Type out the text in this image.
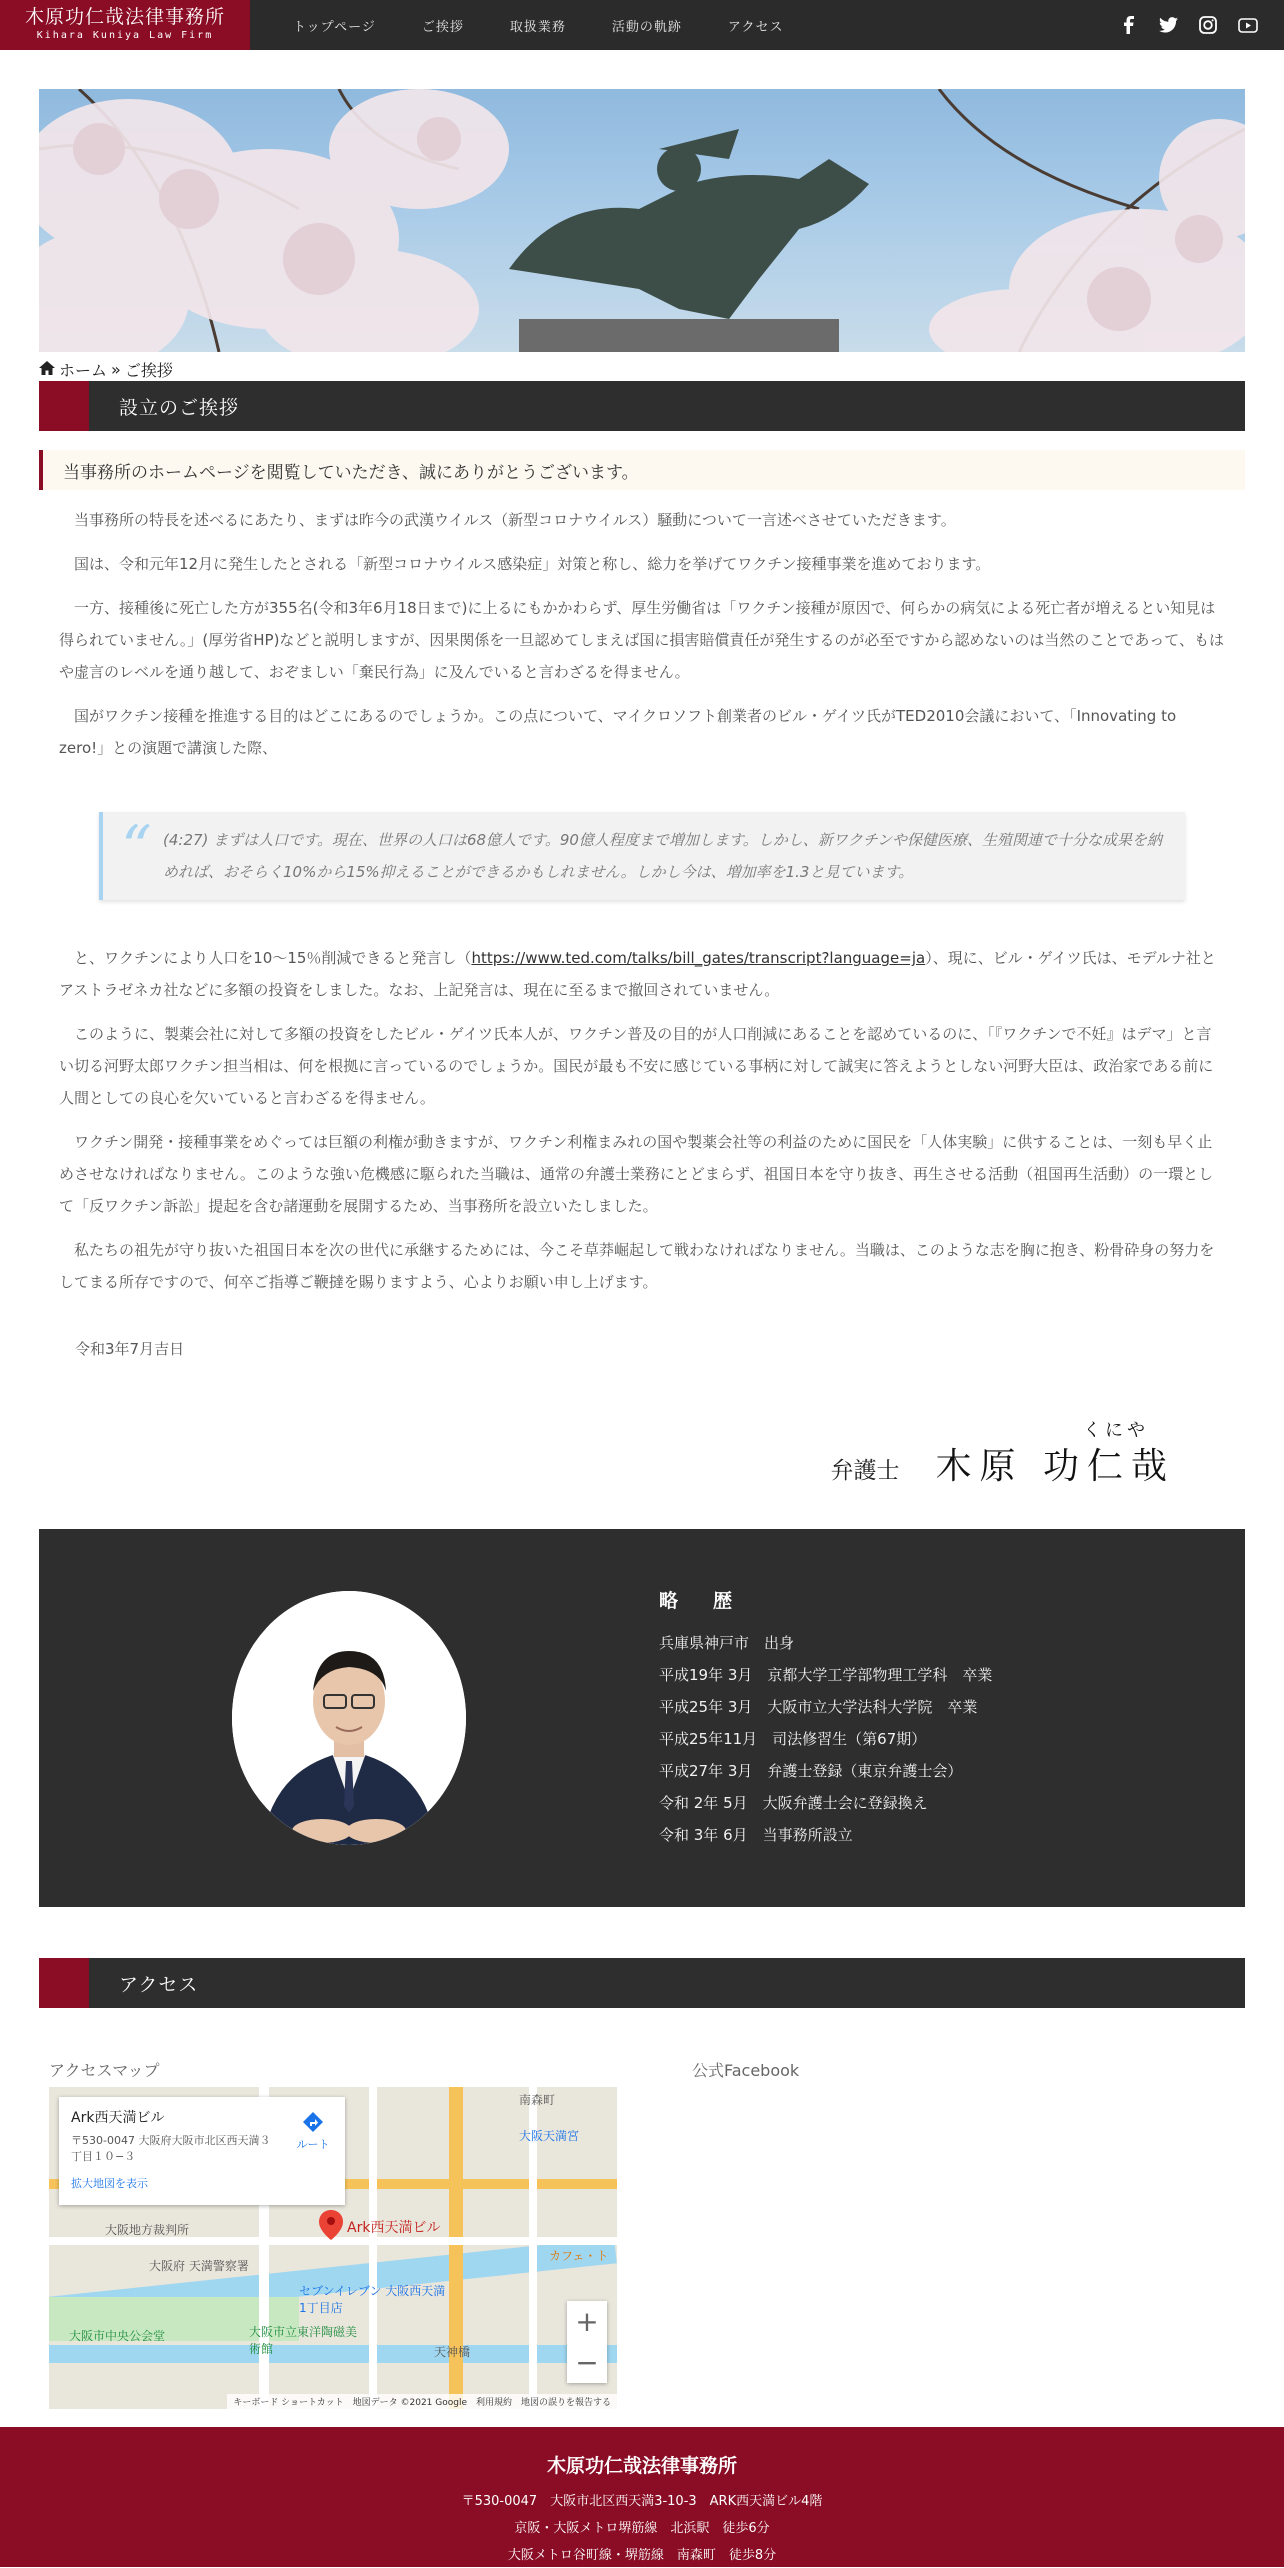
木原功仁哉法律事務所
Kihara Kuniya Law Firm
トップページ	ご挨拶	取扱業務	活動の軌跡	アクセス
ホーム » ご挨拶
設立のご挨拶
当事務所のホームページを閲覧していただき、誠にありがとうございます。

当事務所の特長を述べるにあたり、まずは昨今の武漢ウイルス（新型コロナウイルス）騒動について一言述べさせていただきます。

国は、令和元年12月に発生したとされる「新型コロナウイルス感染症」対策と称し、総力を挙げてワクチン接種事業を進めております。

一方、接種後に死亡した方が355名(令和3年6月18日まで)に上るにもかかわらず、厚生労働省は「ワクチン接種が原因で、何らかの病気による死亡者が増えるとい知見は得られていません。」(厚労省HP)などと説明しますが、因果関係を一旦認めてしまえば国に損害賠償責任が発生するのが必至ですから認めないのは当然のことであって、もはや虚言のレベルを通り越して、おぞましい「棄民行為」に及んでいると言わざるを得ません。

国がワクチン接種を推進する目的はどこにあるのでしょうか。この点について、マイクロソフト創業者のビル・ゲイツ氏がTED2010会議において、「Innovating to zero!」との演題で講演した際、

“ (4:27) まずは人口です。現在、世界の人口は68億人です。90億人程度まで増加します。しかし、新ワクチンや保健医療、生殖関連で十分な成果を納めれば、おそらく10%から15%抑えることができるかもしれません。しかし今は、増加率を1.3と見ています。

と、ワクチンにより人口を10～15％削減できると発言し（https://www.ted.com/talks/bill_gates/transcript?language=ja）、現に、ビル・ゲイツ氏は、モデルナ社とアストラゼネカ社などに多額の投資をしました。なお、上記発言は、現在に至るまで撤回されていません。

このように、製薬会社に対して多額の投資をしたビル・ゲイツ氏本人が、ワクチン普及の目的が人口削減にあることを認めているのに、「『ワクチンで不妊』はデマ」と言い切る河野太郎ワクチン担当相は、何を根拠に言っているのでしょうか。国民が最も不安に感じている事柄に対して誠実に答えようとしない河野大臣は、政治家である前に人間としての良心を欠いていると言わざるを得ません。

ワクチン開発・接種事業をめぐっては巨額の利権が動きますが、ワクチン利権まみれの国や製薬会社等の利益のために国民を「人体実験」に供することは、一刻も早く止めさせなければなりません。このような強い危機感に駆られた当職は、通常の弁護士業務にとどまらず、祖国日本を守り抜き、再生させる活動（祖国再生活動）の一環として「反ワクチン訴訟」提起を含む諸運動を展開するため、当事務所を設立いたしました。

私たちの祖先が守り抜いた祖国日本を次の世代に承継するためには、今こそ草莽崛起して戦わなければなりません。当職は、このような志を胸に抱き、粉骨砕身の努力をしてまる所存ですので、何卒ご指導ご鞭撻を賜りますよう、心よりお願い申し上げます。

令和3年7月吉日
弁護士 木原 功仁哉
くにや
略　歴
兵庫県神戸市　出身
平成19年 3月　京都大学工学部物理工学科　卒業
平成25年 3月　大阪市立大学法科大学院　卒業
平成25年11月　司法修習生（第67期）
平成27年 3月　弁護士登録（東京弁護士会）
令和 2年 5月　大阪弁護士会に登録換え
令和 3年 6月　当事務所設立
アクセス
アクセスマップ
南森町
大阪天満宮
大阪地方裁判所
大阪府 天満警察署
セブンイレブン 大阪西天満1丁目店
大阪市中央公会堂	大阪市立東洋陶磁美術館	天神橋
カフェ・ト
Ark西天満ビル
〒530-0047 大阪府大阪市北区西天満３丁目１０−３
拡大地図を表示
ルート
Ark西天満ビル
+
−
キーボード ショートカット　地図データ ©2021 Google　利用規約　地図の誤りを報告する
公式Facebook
木原功仁哉法律事務所
〒530-0047　大阪市北区西天満3-10-3　ARK西天満ビル4階
京阪・大阪メトロ堺筋線　北浜駅　徒歩6分
大阪メトロ谷町線・堺筋線　南森町　徒歩8分
